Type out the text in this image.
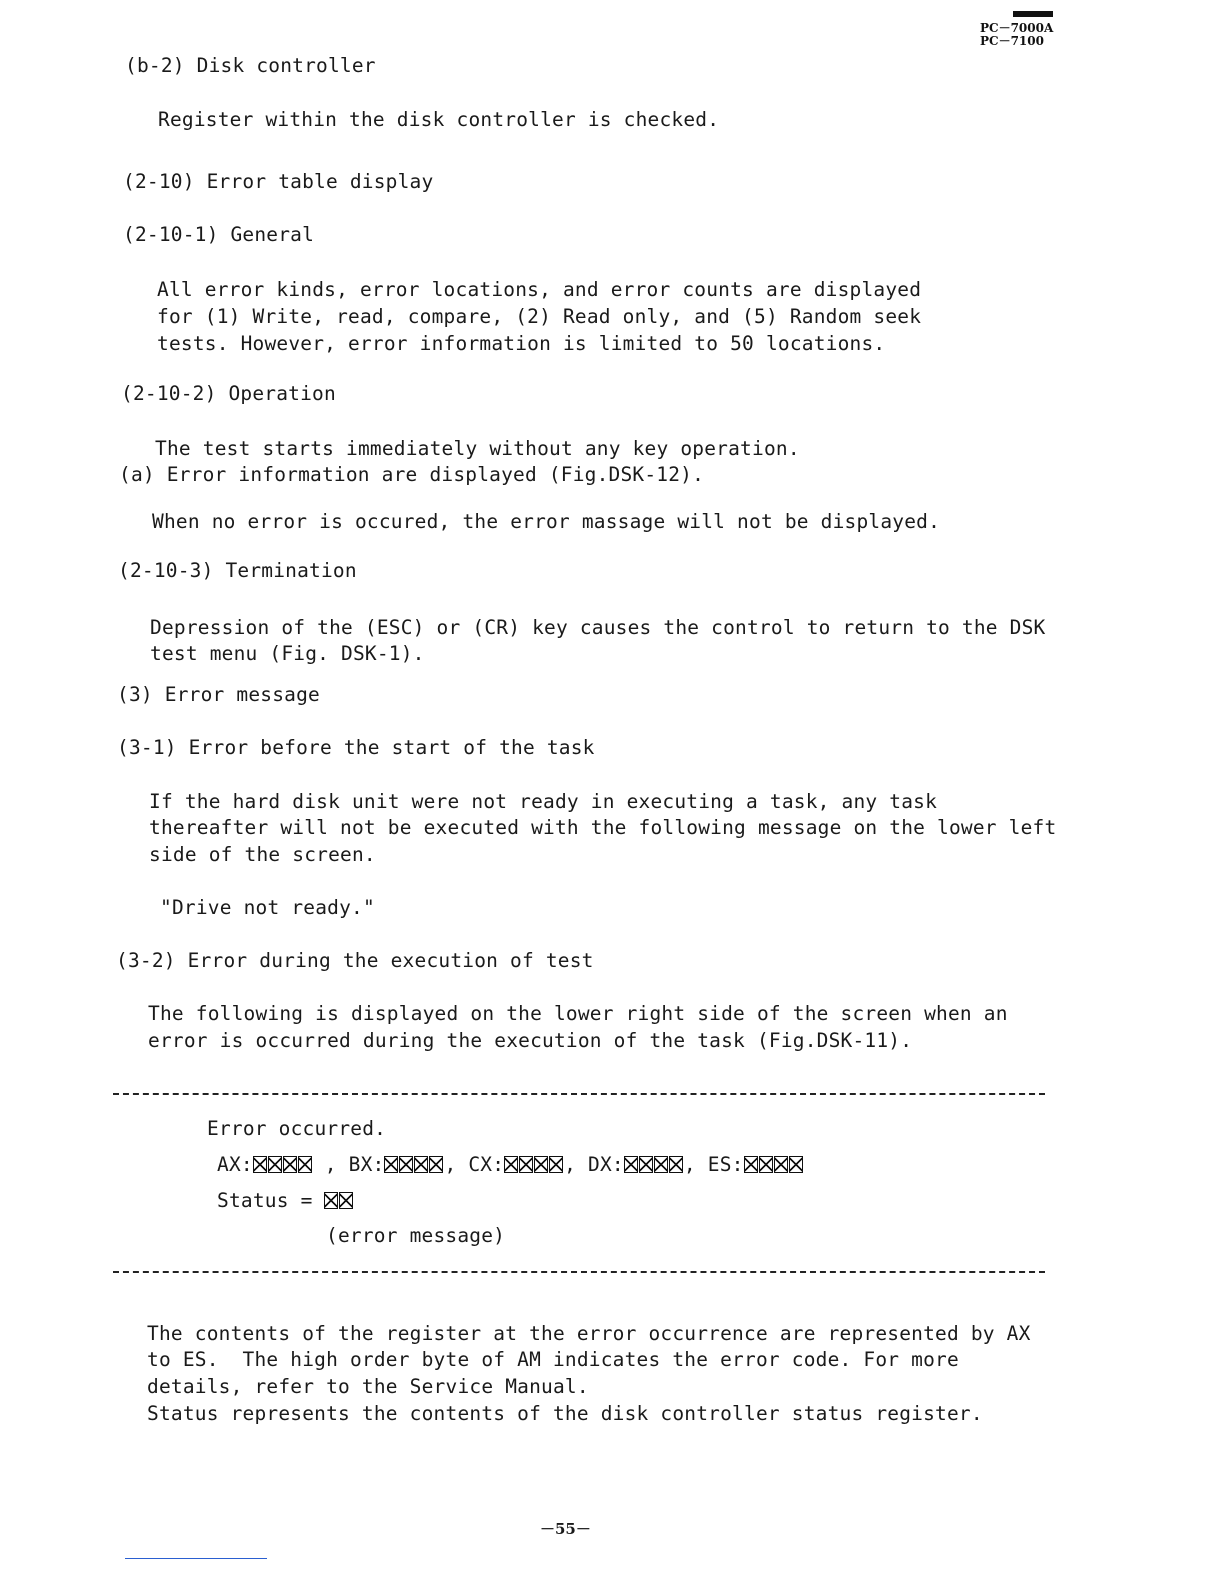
PC－7000A
PC－7100
(b-2) Disk controller
Register within the disk controller is checked.
(2-10) Error table display
(2-10-1) General
All error kinds, error locations, and error counts are displayed
for (1) Write, read, compare, (2) Read only, and (5) Random seek
tests. However, error information is limited to 50 locations.
(2-10-2) Operation
The test starts immediately without any key operation.
(a) Error information are displayed (Fig.DSK-12).
When no error is occured, the error massage will not be displayed.
(2-10-3) Termination
Depression of the (ESC) or (CR) key causes the control to return to the DSK
test menu (Fig. DSK-1).
(3) Error message
(3-1) Error before the start of the task
If the hard disk unit were not ready in executing a task, any task
thereafter will not be executed with the following message on the lower left
side of the screen.
"Drive not ready."
(3-2) Error during the execution of test
The following is displayed on the lower right side of the screen when an
error is occurred during the execution of the task (Fig.DSK-11).
Error occurred.
AX:	, BX:	, CX:	, DX:	, ES:
Status =
(error message)
The contents of the register at the error occurrence are represented by AX
to ES.  The high order byte of AM indicates the error code. For more
details, refer to the Service Manual.
Status represents the contents of the disk controller status register.
－55－
